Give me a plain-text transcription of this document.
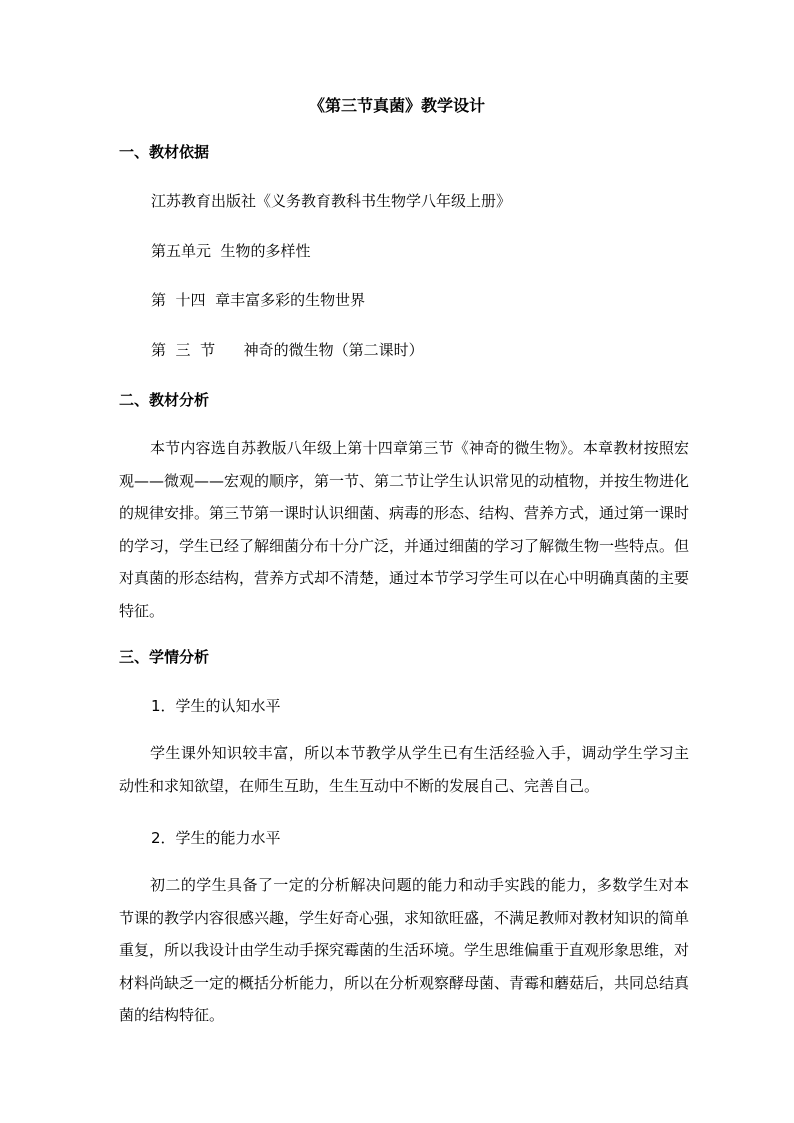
《第三节真菌》教学设计
一、教材依据
江苏教育出版社《义务教育教科书生物学八年级上册》
第五单元  生物的多样性
第  十四  章丰富多彩的生物世界
第  三  节      神奇的微生物（第二课时）
二、教材分析
本节内容选自苏教版八年级上第十四章第三节《神奇的微生物》。本章教材按照宏观——微观——宏观的顺序，第一节、第二节让学生认识常见的动植物，并按生物进化的规律安排。第三节第一课时认识细菌、病毒的形态、结构、营养方式，通过第一课时的学习，学生已经了解细菌分布十分广泛，并通过细菌的学习了解微生物一些特点。但对真菌的形态结构，营养方式却不清楚，通过本节学习学生可以在心中明确真菌的主要特征。
三、学情分析
1．学生的认知水平
学生课外知识较丰富，所以本节教学从学生已有生活经验入手，调动学生学习主动性和求知欲望，在师生互助，生生互动中不断的发展自己、完善自己。
2．学生的能力水平
初二的学生具备了一定的分析解决问题的能力和动手实践的能力，多数学生对本节课的教学内容很感兴趣，学生好奇心强，求知欲旺盛，不满足教师对教材知识的简单重复，所以我设计由学生动手探究霉菌的生活环境。学生思维偏重于直观形象思维，对材料尚缺乏一定的概括分析能力，所以在分析观察酵母菌、青霉和蘑菇后，共同总结真菌的结构特征。
